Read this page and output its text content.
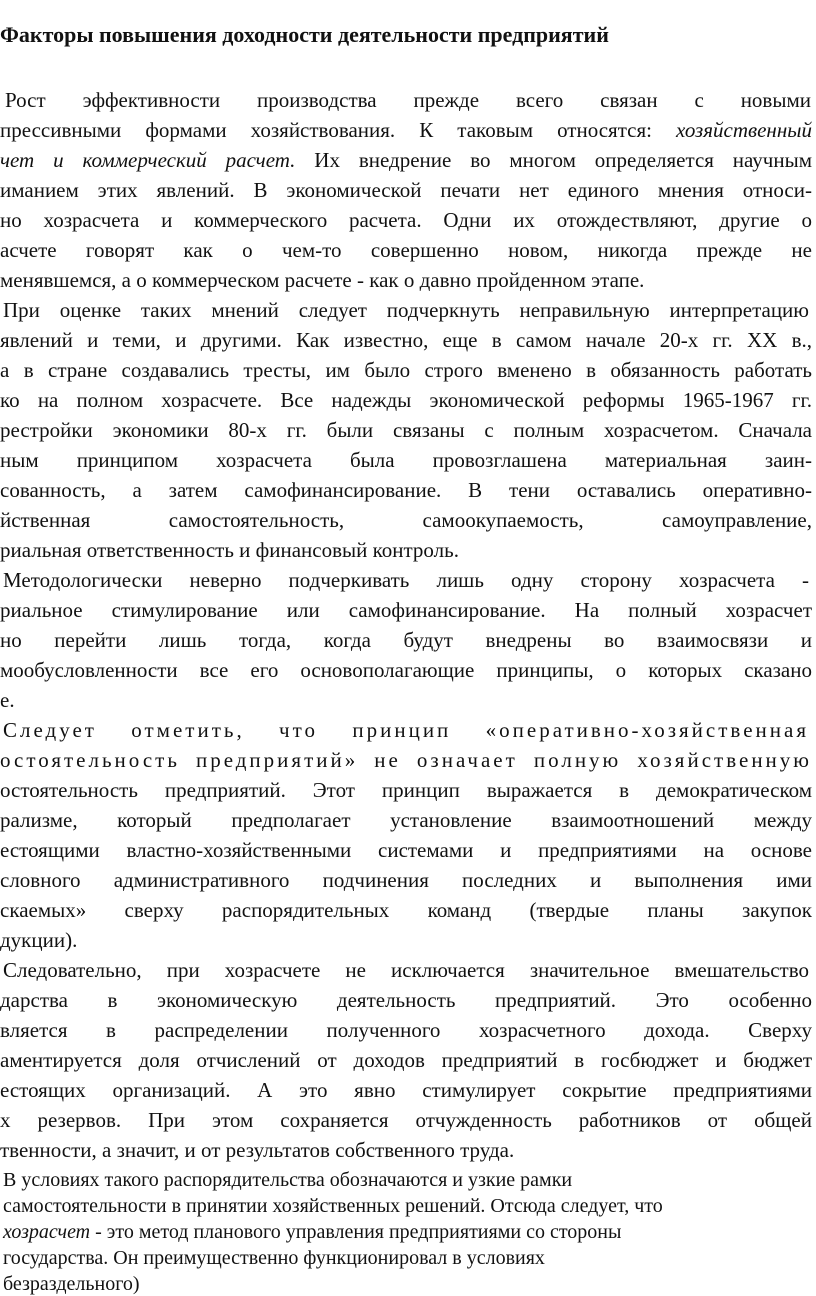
Факторы повышения доходности деятельности предприятий
Рост эффективности производства прежде всего связан с новыми
прессивными формами хозяйствования. К таковым относятся: хозяйственный
чет и коммерческий расчет. Их внедрение во многом определяется научным
иманием этих явлений. В экономической печати нет единого мнения относи-
но хозрасчета и коммерческого расчета. Одни их отождествляют, другие о
асчете говорят как о чем-то совершенно новом, никогда прежде не
менявшемся, а о коммерческом расчете - как о давно пройденном этапе.
При оценке таких мнений следует подчеркнуть неправильную интерпретацию
явлений и теми, и другими. Как известно, еще в самом начале 20-х гг. XX в.,
а в стране создавались тресты, им было строго вменено в обязанность работать
ко на полном хозрасчете. Все надежды экономической реформы 1965-1967 гг.
рестройки экономики 80-х гг. были связаны с полным хозрасчетом. Сначала
ным принципом хозрасчета была провозглашена материальная заин-
сованность, а затем самофинансирование. В тени оставались оперативно-
йственная самостоятельность, самоокупаемость, самоуправление,
риальная ответственность и финансовый контроль.
Методологически неверно подчеркивать лишь одну сторону хозрасчета -
риальное стимулирование или самофинансирование. На полный хозрасчет
но перейти лишь тогда, когда будут внедрены во взаимосвязи и
мообусловленности все его основополагающие принципы, о которых сказано
е.
Следует отметить, что принцип «оперативно-хозяйственная
остоятельность предприятий» не означает полную хозяйственную
остоятельность предприятий. Этот принцип выражается в демократическом
рализме, который предполагает установление взаимоотношений между
естоящими властно-хозяйственными системами и предприятиями на основе
словного административного подчинения последних и выполнения ими
скаемых» сверху распорядительных команд (твердые планы закупок
дукции).
Следовательно, при хозрасчете не исключается значительное вмешательство
дарства в экономическую деятельность предприятий. Это особенно
вляется в распределении полученного хозрасчетного дохода. Сверху
аментируется доля отчислений от доходов предприятий в госбюджет и бюджет
естоящих организаций. А это явно стимулирует сокрытие предприятиями
х резервов. При этом сохраняется отчужденность работников от общей
твенности, а значит, и от результатов собственного труда.
В условиях такого распорядительства обозначаются и узкие рамки
самостоятельности в принятии хозяйственных решений. Отсюда следует, что
хозрасчет - это метод планового управления предприятиями со стороны
государства. Он преимущественно функционировал в условиях
безраздельного)
